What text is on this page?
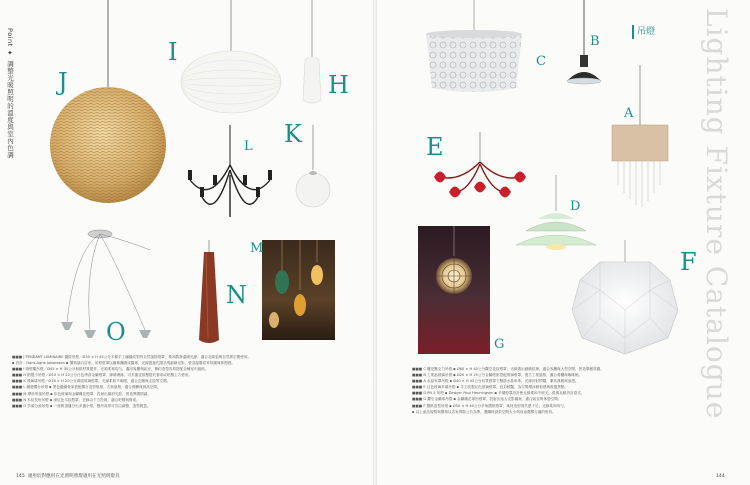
Point ✦ 調整光暖照明的溫度與室內色調 J
I
H
L K
O
N
M

■■■ J PENDANT LUMINAIRE 圓燈吊燈／Ø35 × H 45公分木條手工編織成型的自然風格燈罩，柔和散發溫暖光線，適合北歐風與自然系空間使用。

▪ 設計：Hans-Agne Jakobsson ▪ 價格請洽店家。吊燈燈罩以藤條纏繞成圓球，光線透過孔隙呈現細緻光影，營造溫馨居家氛圍與休閒感。

■■■ I 紙燈籠吊燈／Ø45 × H 30公分和紙材質製作，光源柔和均勻，適用客廳與臥室，簡約造型容易搭配各種室內風格。

■■■ H 鋁製小吊燈／Ø10 × H 22公分白色烤漆金屬燈罩，線條俐落，可多盞並排懸掛於餐桌或吧檯上方使用。

■■■ K 玻璃球吊燈／Ø18 × H 20公分霧面玻璃燈罩，光線柔和不刺眼，適合玄關與走道等空間。

■■■ L 鐵藝燭台吊燈 ▪ 黑色鍛鐵骨架搭配燭台造型燈座，古典風格，適合餐廳與挑高空間。

■■■ M 摩洛哥風吊燈 ▪ 彩色玻璃與金屬雕花燈罩，投射出繽紛光影，營造異國情調。

■■■ N 木紋長形吊燈 ▪ 深紅色木紋燈罩，光線由下方投射，適合吧檯與餐桌。

■■■ O 多頭分歧吊燈 ▪ 一座吸頂盤分出多盞小燈，懸吊高度可自由調整，造型輕盈。

145 適用於對應用在光照明照燈適用在光照明燈具
吊燈 Lighting Fixture Catalogue
C
B
A
E
D
G
F

■■■ C 雕花壓克力吊燈 ▪ Ø60 × H 40公分鏤空花紋燈罩，光線透出細緻紋理，適合客廳與大型空間，營造華麗氛圍。

■■■ B 工業風玻璃吊燈 ▪ Ø20 × H 25公分金屬燈座搭配玻璃燈罩，復古工業風格，適合餐廳與咖啡館。

■■■ A 水晶布罩吊燈 ▪ Ø40 × H 45公分布質燈罩下懸掛水晶串珠，光線折射閃耀，兼具典雅與浪漫。

■■■ E 紅色玻璃多頭吊燈 ▪ 手工吹製紅色玻璃燈罩，色彩鮮豔，為空間增添藝術感與視覺焦點。

■■■ D PH 5 吊燈 ▪ Design: Poul Henningsen ▪ 多層燈罩設計使光線柔和不眩光，經典北歐設計款式。

■■■ G 鏤空金屬球吊燈 ▪ 金屬雕花球形燈罩，投射出迷人光影圖案，適合臥室與休憩空間。

■■■ F 摺紙造型吊燈 ▪ Ø50 × H 40公分多角摺紙燈罩，幾何造型現代感十足，光線柔和均勻。

▪ 以上產品規格與價格以店家實際公告為準，選購時請依空間大小與用途選擇合適的燈具。

144
